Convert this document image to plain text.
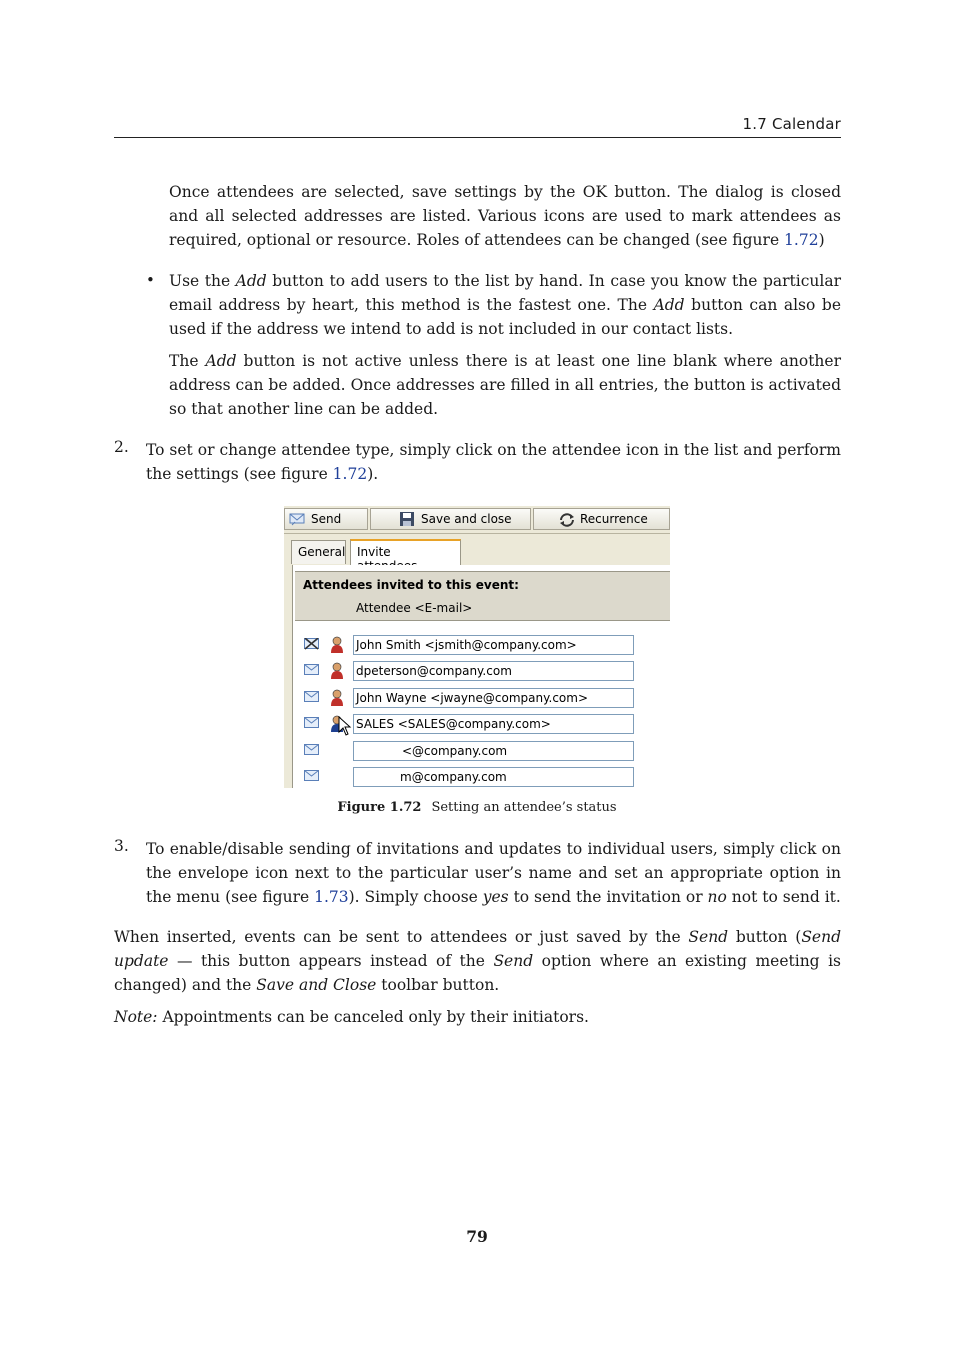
1.7 Calendar

Once attendees are selected, save settings by the OK button. The dialog is closed and all selected addresses are listed. Various icons are used to mark attendees as required, optional or resource. Roles of attendees can be changed (see figure 1.72)

• Use the Add button to add users to the list by hand. In case you know the particular email address by heart, this method is the fastest one. The Add button can also be used if the address we intend to add is not included in our contact lists.

The Add button is not active unless there is at least one line blank where another address can be added. Once addresses are filled in all entries, the button is activated so that another line can be added.

2. To set or change attendee type, simply click on the attendee icon in the list and perform the settings (see figure 1.72).

Send	Save and close	Recurrence
General Invite
Attendees invited to this event:
Attendee <E-mail>
John Smith <jsmith@company.com>
dpeterson@company.com
John Wayne <jwayne@company.com>
SALES <SALES@company.com>
<@company.com
m@company.com
Figure 1.72 Setting an attendee’s status
3. To enable/disable sending of invitations and updates to individual users, simply click on the envelope icon next to the particular user’s name and set an appropriate option in the menu (see figure 1.73). Simply choose yes to send the invitation or no not to send it.

When inserted, events can be sent to attendees or just saved by the Send button (Send update — this button appears instead of the Send option where an existing meeting is changed) and the Save and Close toolbar button.

Note: Appointments can be canceled only by their initiators.

79
